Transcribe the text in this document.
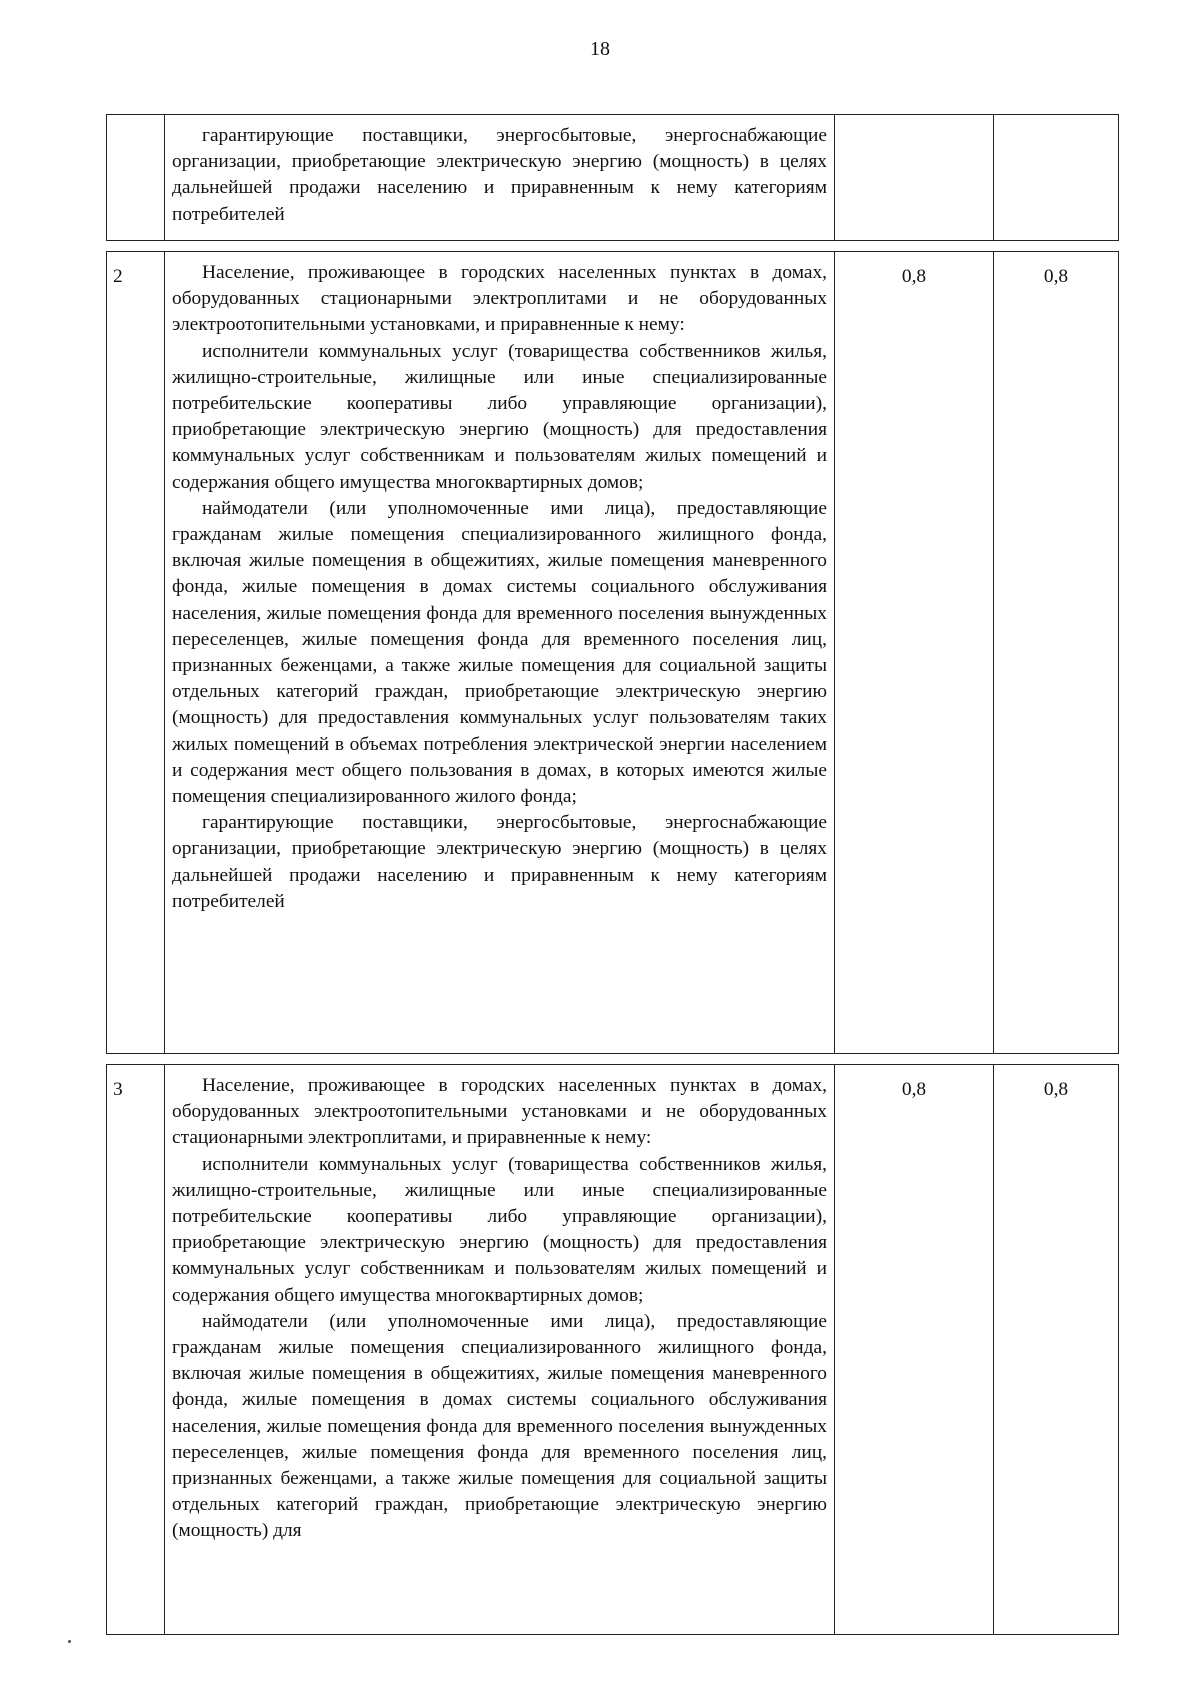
18

	гарантирующие поставщики, энергосбытовые, энергоснабжающие организации, приобретающие электрическую энергию (мощность) в целях дальнейшей продажи населению и приравненным к нему категориям потребителей		

2	Население, проживающее в городских населенных пунктах в домах, оборудованных стационарными электроплитами и не оборудованных электроотопительными установками, и приравненные к нему:

исполнители коммунальных услуг (товарищества собственников жилья, жилищно-строительные, жилищные или иные специализированные потребительские кооперативы либо управляющие организации), приобретающие электрическую энергию (мощность) для предоставления коммунальных услуг собственникам и пользователям жилых помещений и содержания общего имущества многоквартирных домов;

наймодатели (или уполномоченные ими лица), предоставляющие гражданам жилые помещения специализированного жилищного фонда, включая жилые помещения в общежитиях, жилые помещения маневренного фонда, жилые помещения в домах системы социального обслуживания населения, жилые помещения фонда для временного поселения вынужденных переселенцев, жилые помещения фонда для временного поселения лиц, признанных беженцами, а также жилые помещения для социальной защиты отдельных категорий граждан, приобретающие электрическую энергию (мощность) для предоставления коммунальных услуг пользователям таких жилых помещений в объемах потребления электрической энергии населением и содержания мест общего пользования в домах, в которых имеются жилые помещения специализированного жилого фонда;

гарантирующие поставщики, энергосбытовые, энергоснабжающие организации, приобретающие электрическую энергию (мощность) в целях дальнейшей продажи населению и приравненным к нему категориям потребителей	0,8	0,8

3	Население, проживающее в городских населенных пунктах в домах, оборудованных электроотопительными установками и не оборудованных стационарными электроплитами, и приравненные к нему:

исполнители коммунальных услуг (товарищества собственников жилья, жилищно-строительные, жилищные или иные специализированные потребительские кооперативы либо управляющие организации), приобретающие электрическую энергию (мощность) для предоставления коммунальных услуг собственникам и пользователям жилых помещений и содержания общего имущества многоквартирных домов;

наймодатели (или уполномоченные ими лица), предоставляющие гражданам жилые помещения специализированного жилищного фонда, включая жилые помещения в общежитиях, жилые помещения маневренного фонда, жилые помещения в домах системы социального обслуживания населения, жилые помещения фонда для временного поселения вынужденных переселенцев, жилые помещения фонда для временного поселения лиц, признанных беженцами, а также жилые помещения для социальной защиты отдельных категорий граждан, приобретающие электрическую энергию (мощность) для	0,8	0,8
